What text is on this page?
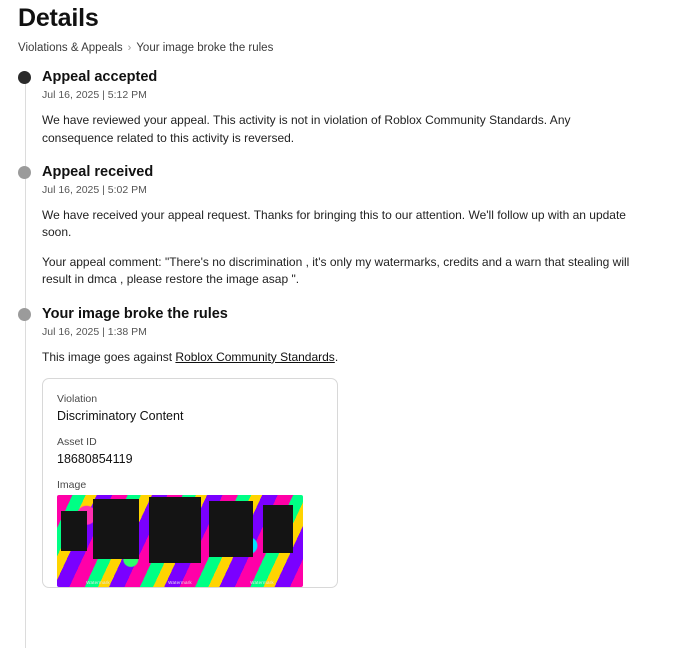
Details
Violations & Appeals › Your image broke the rules
Appeal accepted
Jul 16, 2025 | 5:12 PM
We have reviewed your appeal. This activity is not in violation of Roblox Community Standards. Any consequence related to this activity is reversed.
Appeal received
Jul 16, 2025 | 5:02 PM
We have received your appeal request. Thanks for bringing this to our attention. We'll follow up with an update soon.
Your appeal comment: "There's no discrimination , it's only my watermarks, credits and a warn that stealing will result in dmca , please restore the image asap ".
Your image broke the rules
Jul 16, 2025 | 1:38 PM
This image goes against Roblox Community Standards.
Violation
Discriminatory Content
Asset ID
18680854119
Image
Watermark	Watermark	Watermark
